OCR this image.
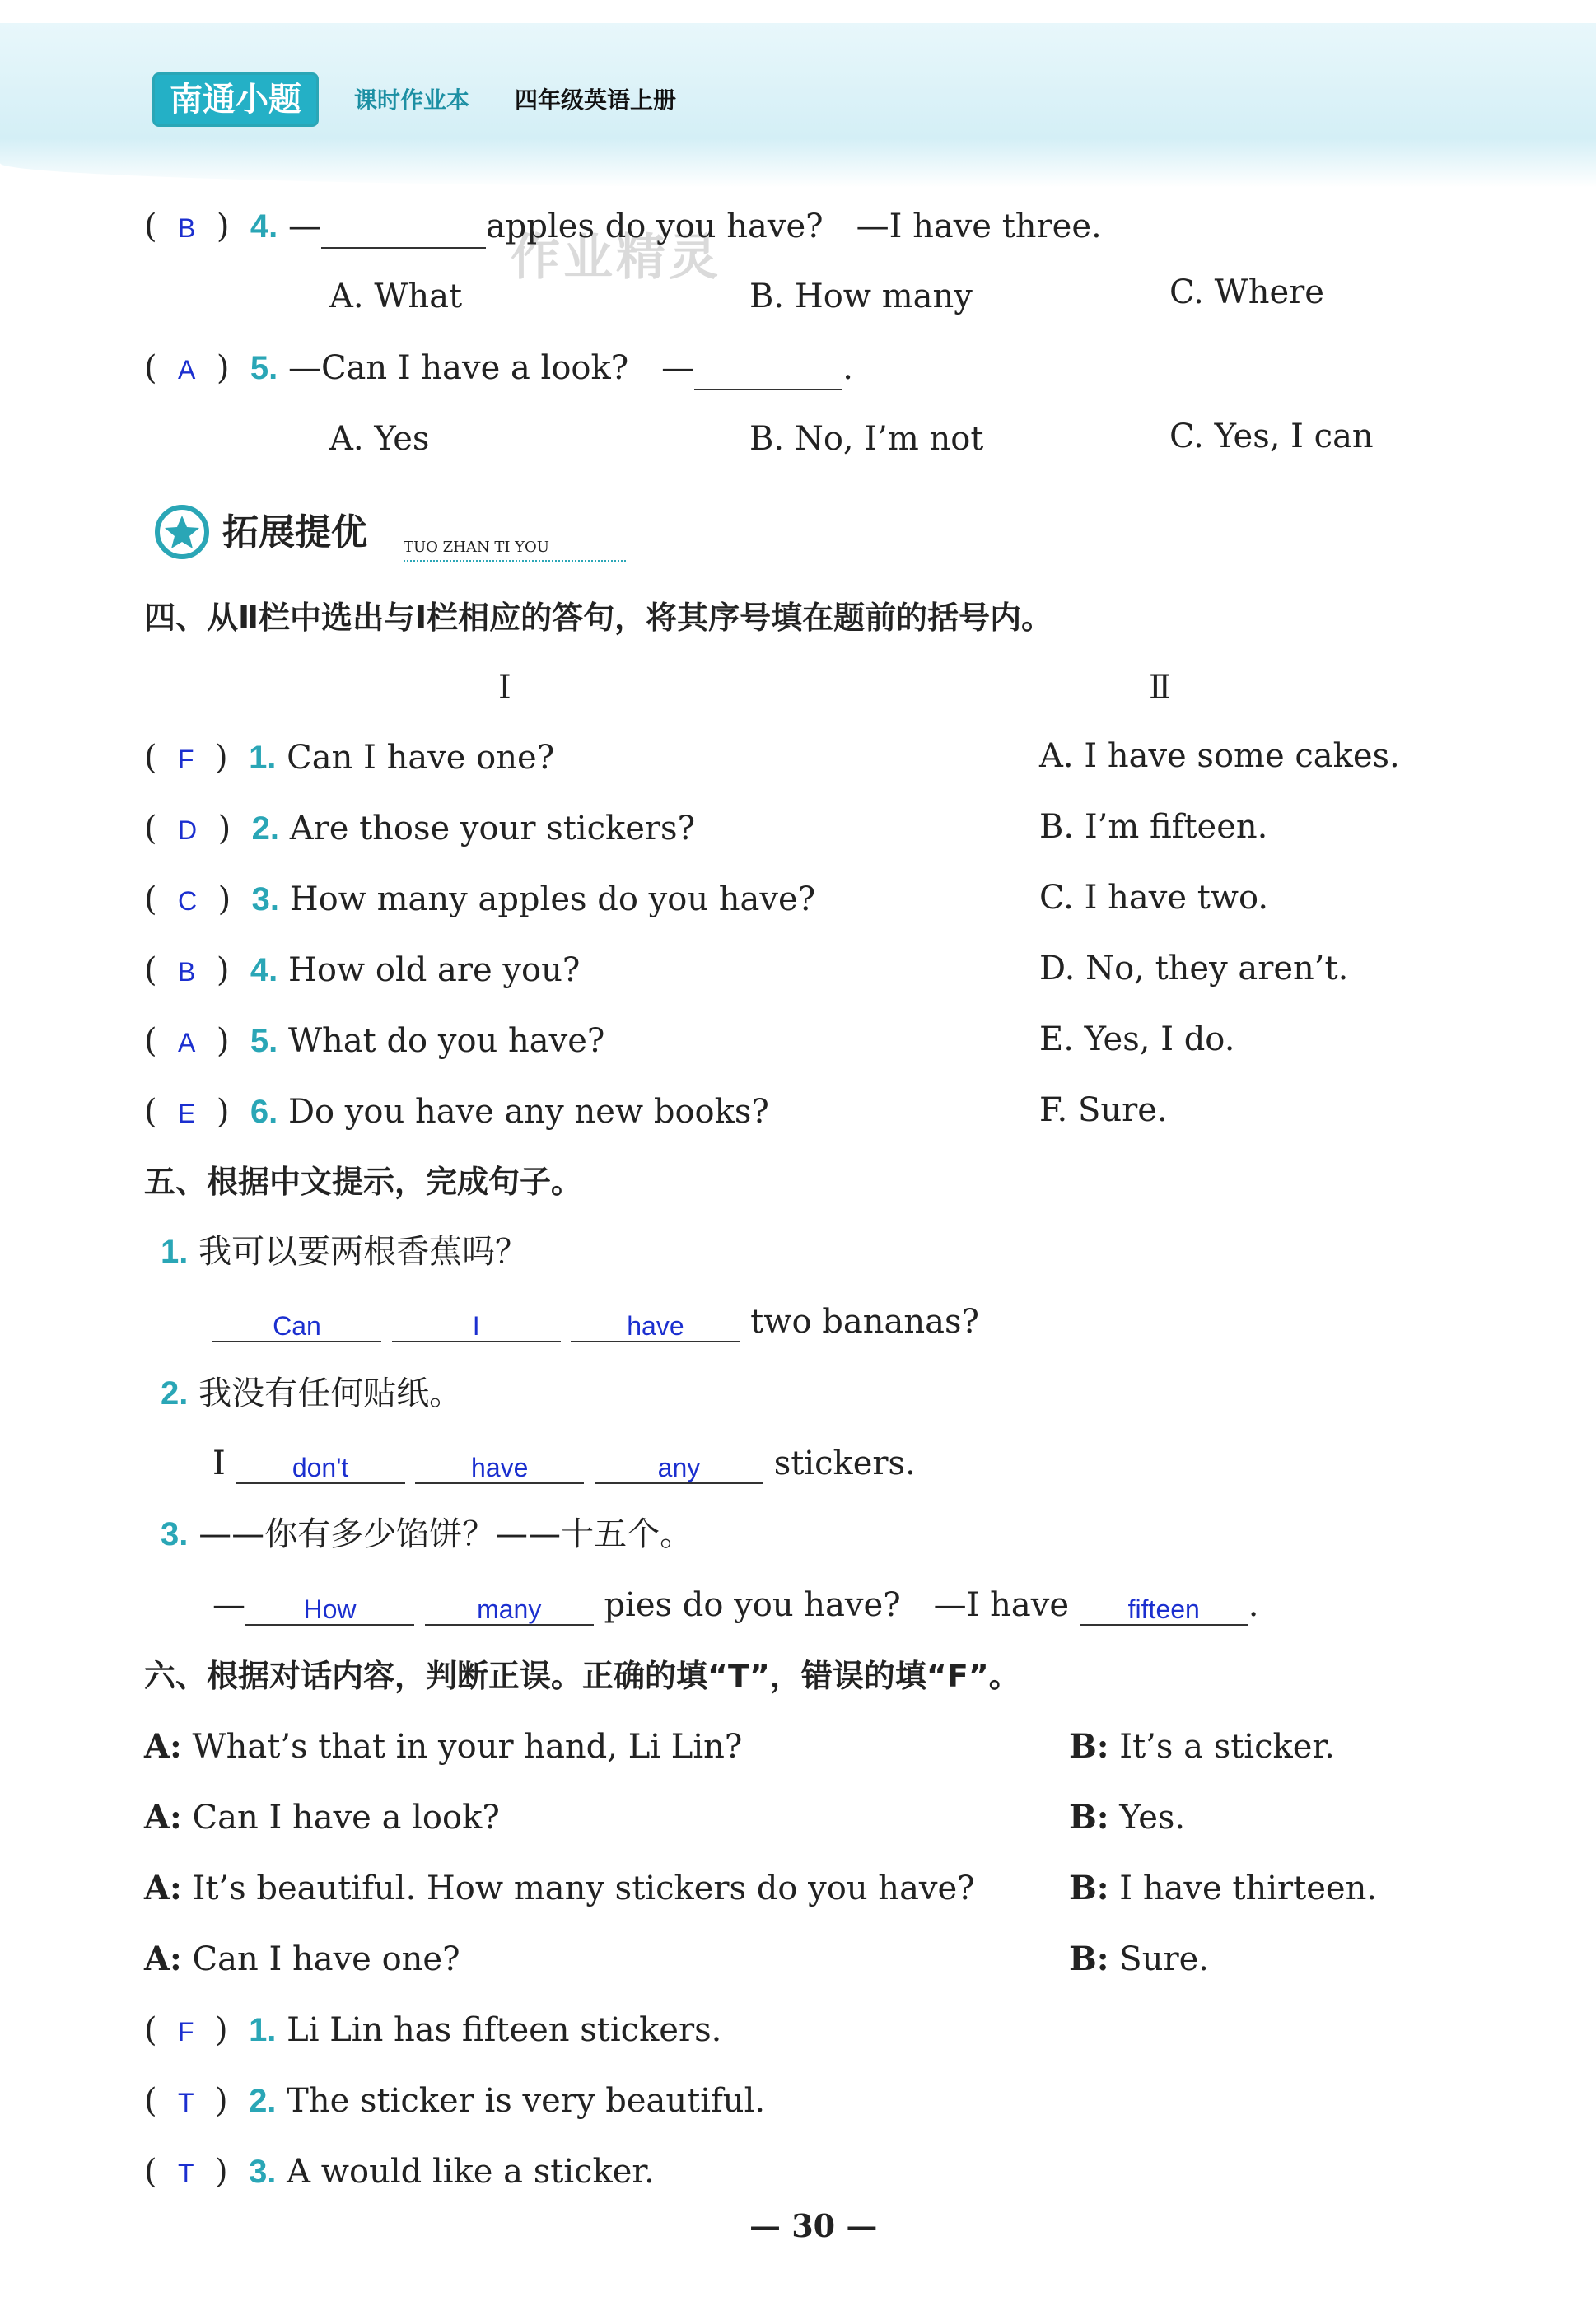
南通小题	课时作业本 四年级英语上册
作业精灵
(  B  )  4. —	apples do you have?　—I have three.
A. What	B. How many	C. Where
(  A  )  5. —Can I have a look?　—	.
A. Yes	B. No, I’m not	C. Yes, I can
拓展提优 TUO ZHAN TI YOU
四、从Ⅱ栏中选出与Ⅰ栏相应的答句，将其序号填在题前的括号内。
Ⅰ	Ⅱ
(  F  )  1. Can I have one?	A. I have some cakes.
(  D  )  2. Are those your stickers?	B. I’m fifteen.
(  C  )  3. How many apples do you have?	C. I have two.
(  B  )  4. How old are you?	D. No, they aren’t.
(  A  )  5. What do you have?	E. Yes, I do.
(  E  )  6. Do you have any new books?	F. Sure.
五、根据中文提示，完成句子。
1. 我可以要两根香蕉吗？
Can	I	have two bananas?
2. 我没有任何贴纸。
I	don't	have	any stickers.
3. ——你有多少馅饼？——十五个。
— How	many pies do you have?　—I have fifteen .
六、根据对话内容，判断正误。正确的填“T”，错误的填“F”。
A: What’s that in your hand, Li Lin?	B: It’s a sticker.
A: Can I have a look?	B: Yes.
A: It’s beautiful. How many stickers do you have?	B: I have thirteen.
A: Can I have one?	B: Sure.
(  F  )  1. Li Lin has fifteen stickers.
(  T  )  2. The sticker is very beautiful.
(  T  )  3. A would like a sticker.
— 30 —
